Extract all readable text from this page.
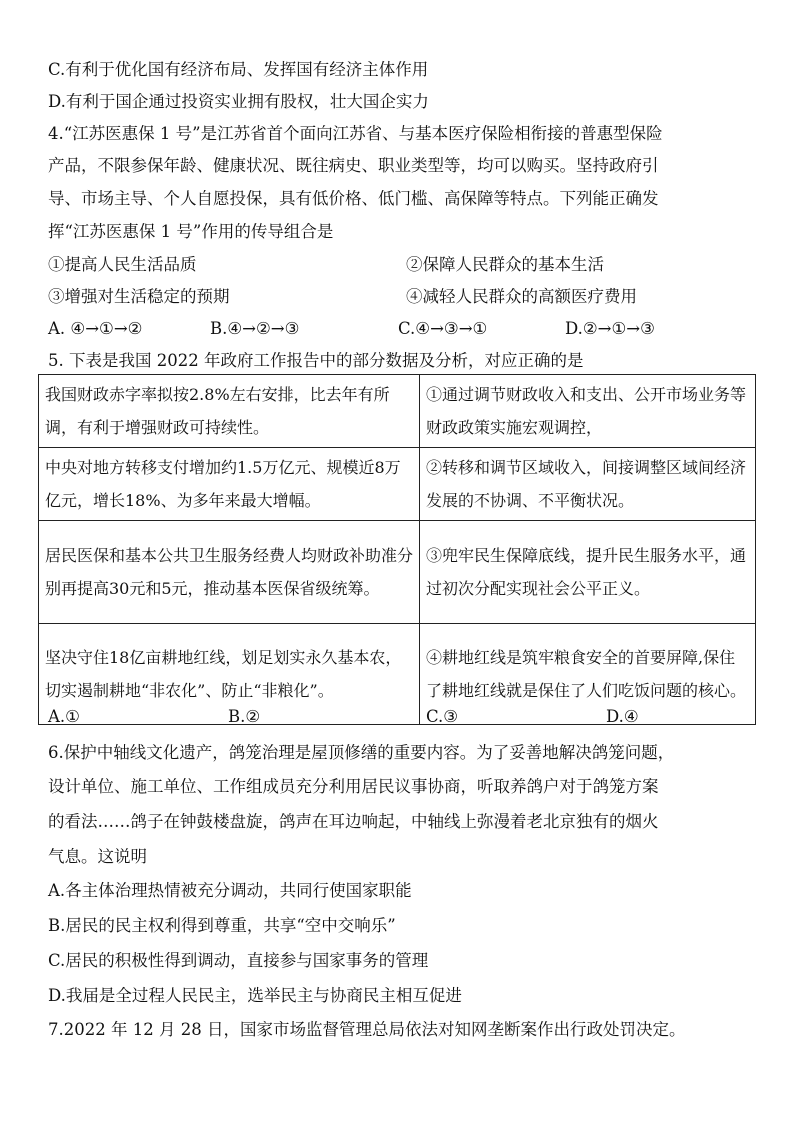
C.有利于优化国有经济布局、发挥国有经济主体作用
D.有利于国企通过投资实业拥有股权，壮大国企实力
4.“江苏医惠保 1 号”是江苏省首个面向江苏省、与基本医疗保险相衔接的普惠型保险
产品，不限参保年龄、健康状况、既往病史、职业类型等，均可以购买。坚持政府引
导、市场主导、个人自愿投保，具有低价格、低门槛、高保障等特点。下列能正确发
挥“江苏医惠保 1 号”作用的传导组合是
①提高人民生活品质	②保障人民群众的基本生活
③增强对生活稳定的预期	④减轻人民群众的高额医疗费用
A. ④→①→②	B.④→②→③	C.④→③→①	D.②→①→③
5. 下表是我国 2022 年政府工作报告中的部分数据及分析，对应正确的是
我国财政赤字率拟按2.8%左右安排，比去年有所调，有利于增强财政可持续性。	①通过调节财政收入和支出、公开市场业务等财政政策实施宏观调控，
中央对地方转移支付增加约1.5万亿元、规模近8万亿元，增长18%、为多年来最大增幅。	②转移和调节区域收入，间接调整区域间经济发展的不协调、不平衡状况。
居民医保和基本公共卫生服务经费人均财政补助准分别再提高30元和5元，推动基本医保省级统筹。	③兜牢民生保障底线，提升民生服务水平，通过初次分配实现社会公平正义。
坚决守住18亿亩耕地红线，划足划实永久基本农，切实遏制耕地“非农化”、防止“非粮化”。	④耕地红线是筑牢粮食安全的首要屏障,保住了耕地红线就是保住了人们吃饭问题的核心。
A.①	B.②	C.③	D.④
6.保护中轴线文化遗产，鸽笼治理是屋顶修缮的重要内容。为了妥善地解决鸽笼问题，
设计单位、施工单位、工作组成员充分利用居民议事协商，听取养鸽户对于鸽笼方案
的看法……鸽子在钟鼓楼盘旋，鸽声在耳边响起，中轴线上弥漫着老北京独有的烟火
气息。这说明
A.各主体治理热情被充分调动，共同行使国家职能
B.居民的民主权利得到尊重，共享“空中交响乐”
C.居民的积极性得到调动，直接参与国家事务的管理
D.我届是全过程人民民主，选举民主与协商民主相互促进
7.2022 年 12 月 28 日，国家市场监督管理总局依法对知网垄断案作出行政处罚决定。
